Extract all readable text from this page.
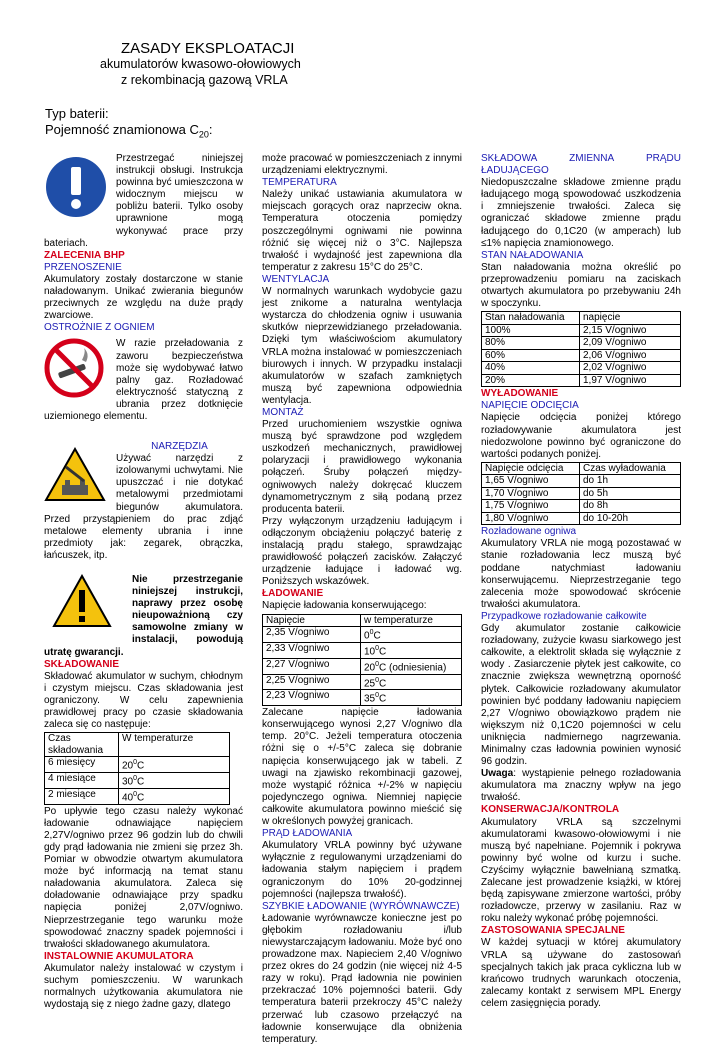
ZASADY EKSPLOATACJI
akumulatorów kwasowo-ołowiowych
z rekombinacją gazową VRLA
Typ baterii:
Pojemność znamionowa $C_{20}$:

Przestrzegać niniejszej instrukcji obsługi. Instrukcja powinna być umieszczona w widocznym miejscu w pobliżu baterii. Tylko osoby uprawnione mogą wykonywać prace przy bateriach.

ZALECENIA BHP

PRZENOSZENIE

Akumulatory zostały dostarczone w stanie naładowanym. Unikać zwierania biegunów przeciwnych ze względu na duże prądy zwarciowe.

OSTROŻNIE Z OGNIEM

W razie przeładowania z zaworu bezpieczeństwa może się wydobywać łatwo palny gaz. Rozładować elektryczność statyczną z ubrania przez dotknięcie uziemionego elementu.

NARZĘDZIA

Używać narzędzi z izolowanymi uchwytami. Nie upuszczać i nie dotykać metalowymi przedmiotami biegunów akumulatora. Przed przystąpieniem do prac zdjąć metalowe elementy ubrania i inne przedmioty jak: zegarek, obrączka, łańcuszek, itp.

Nie przestrzeganie niniejszej instrukcji, naprawy przez osobę nieupoważnioną czy samowolne zmiany w instalacji, powodują utratę gwarancji.

SKŁADOWANIE

Składować akumulator w suchym, chłodnym i czystym miejscu. Czas składowania jest ograniczony. W celu zapewnienia prawidłowej pracy po czasie składowania zaleca się co następuje:

Czas składowania	W temperaturze
6 miesięcy	$20^0C$
4 miesiące	$30^0C$
2 miesiące	$40^0C$

Po upływie tego czasu należy wykonać ładowanie odnawiające napięciem 2,27V/ogniwo przez 96 godzin lub do chwili gdy prąd ładowania nie zmieni się przez 3h. Pomiar w obwodzie otwartym akumulatora może być informacją na temat stanu naładowania akumulatora. Zaleca się doładowanie odnawiające przy spadku napięcia poniżej 2,07V/ogniwo. Nieprzestrzeganie tego warunku może spowodować znaczny spadek pojemności i trwałości składowanego akumulatora.

INSTALOWNIE AKUMULATORA

Akumulator należy instalować w czystym i suchym pomieszczeniu. W warunkach normalnych użytkowania akumulatora nie wydostają się z niego żadne gazy, dlatego

może pracować w pomieszczeniach z innymi urządzeniami elektrycznymi.

TEMPERATURA

Należy unikać ustawiania akumulatora w miejscach gorących oraz naprzeciw okna. Temperatura otoczenia pomiędzy poszczególnymi ogniwami nie powinna różnić się więcej niż o 3°C. Najlepsza trwałość i wydajność jest zapewniona dla temperatur z zakresu 15°C do 25°C.

WENTYLACJA

W normalnych warunkach wydobycie gazu jest znikome a naturalna wentylacja wystarcza do chłodzenia ogniw i usuwania skutków nieprzewidzianego przeładowania. Dzięki tym właściwościom akumulatory VRLA można instalować w pomieszczeniach biurowych i innych. W przypadku instalacji akumulatorów w szafach zamkniętych muszą być zapewniona odpowiednia wentylacja.

MONTAŻ

Przed uruchomieniem wszystkie ogniwa muszą być sprawdzone pod względem uszkodzeń mechanicznych, prawidłowej polaryzacji i prawidłowego wykonania połączeń. Śruby połączeń między-ogniwowych należy dokręcać kluczem dynamometrycznym z siłą podaną przez producenta baterii.

Przy wyłączonym urządzeniu ładującym i odłączonym obciążeniu połączyć baterię z instalacją prądu stałego, sprawdzając prawidłowość połączeń zacisków. Załączyć urządzenie ładujące i ładować wg. Poniższych wskazówek.

ŁADOWANIE

Napięcie ładowania konserwującego:

Napięcie	w temperaturze
2,35 V/ogniwo	$0^0C$
2,33 V/ogniwo	$10^0C$
2,27 V/ogniwo	$20^0C$ (odniesienia)
2,25 V/ogniwo	$25^0C$
2,23 V/ogniwo	$35^0C$

Zalecane napięcie ładowania konserwującego wynosi 2,27 V/ogniwo dla temp. 20°C. Jeżeli temperatura otoczenia różni się o +/-5°C zaleca się dobranie napięcia konserwującego jak w tabeli. Z uwagi na zjawisko rekombinacji gazowej, może wystąpić różnica +/-2% w napięciu pojedynczego ogniwa. Niemniej napięcie całkowite akumulatora powinno mieścić się w określonych powyżej granicach.

PRĄD ŁADOWANIA

Akumulatory VRLA powinny być używane wyłącznie z regulowanymi urządzeniami do ładowania stałym napięciem i prądem ograniczonym do 10% 20-godzinnej pojemności (najlepsza trwałość).

SZYBKIE ŁADOWANIE (WYRÓWNAWCZE)

Ładowanie wyrównawcze konieczne jest po głębokim rozładowaniu i/lub niewystarczającym ładowaniu. Może być ono prowadzone max. Napieciem 2,40 V/ogniwo przez okres do 24 godzin (nie więcej niż 4-5 razy w roku). Prąd ładownia nie powinien przekraczać 10% pojemności baterii. Gdy temperatura baterii przekroczy 45°C należy przerwać lub czasowo przełączyć na ładownie konserwujące dla obniżenia temperatury.

SKŁADOWA ZMIENNA PRĄDU ŁADUJĄCEGO

Niedopuszczalne składowe zmienne prądu ładującego mogą spowodować uszkodzenia i zmniejszenie trwałości. Zaleca się ograniczać składowe zmienne prądu ładującego do 0,1C20 (w amperach) lub ≤1% napięcia znamionowego.

STAN NAŁADOWANIA

Stan naładowania można określić po przeprowadzeniu pomiaru na zaciskach otwartych akumulatora po przebywaniu 24h w spoczynku.

Stan naładowania	napięcie
100%	2,15 V/ogniwo
80%	2,09 V/ogniwo
60%	2,06 V/ogniwo
40%	2,02 V/ogniwo
20%	1,97 V/ogniwo

WYŁADOWANIE

NAPIĘCIE ODCIĘCIA

Napięcie odcięcia poniżej którego rozładowywanie akumulatora jest niedozwolone powinno być ograniczone do wartości podanych poniżej.

Napięcie odcięcia	Czas wyładowania
1,65 V/ogniwo	do 1h
1,70 V/ogniwo	do 5h
1,75 V/ogniwo	do 8h
1,80 V/ogniwo	do 10-20h

Rozładowane ogniwa

Akumulatory VRLA nie mogą pozostawać w stanie rozładowania lecz muszą być poddane natychmiast ładowaniu konserwującemu. Nieprzestrzeganie tego zalecenia może spowodować skrócenie trwałości akumulatora.

Przypadkowe rozładowanie całkowite

Gdy akumulator zostanie całkowicie rozładowany, zużycie kwasu siarkowego jest całkowite, a elektrolit składa się wyłącznie z wody . Zasiarczenie płytek jest całkowite, co znacznie zwiększa wewnętrzną oporność płytek. Całkowicie rozładowany akumulator powinien być poddany ładowaniu napięciem 2,27 V/ogniwo obowiązkowo prądem nie większym niż 0,1C20 pojemności w celu uniknięcia nadmiernego nagrzewania. Minimalny czas ładownia powinien wynosić 96 godzin.

Uwaga: wystąpienie pełnego rozładowania akumulatora ma znaczny wpływ na jego trwałość.

KONSERWACJA/KONTROLA

Akumulatory VRLA są szczelnymi akumulatorami kwasowo-ołowiowymi i nie muszą być napełniane. Pojemnik i pokrywa powinny być wolne od kurzu i suche. Czyścimy wyłącznie bawełnianą szmatką. Zalecane jest prowadzenie książki, w której będą zapisywane zmierzone wartości, próby rozładowcze, przerwy w zasilaniu. Raz w roku należy wykonać próbę pojemności.

ZASTOSOWANIA SPECJALNE

W każdej sytuacji w której akumulatory VRLA są używane do zastosowań specjalnych takich jak praca cykliczna lub w krańcowo trudnych warunkach otoczenia, zalecamy kontakt z serwisem MPL Energy celem zasięgnięcia porady.
